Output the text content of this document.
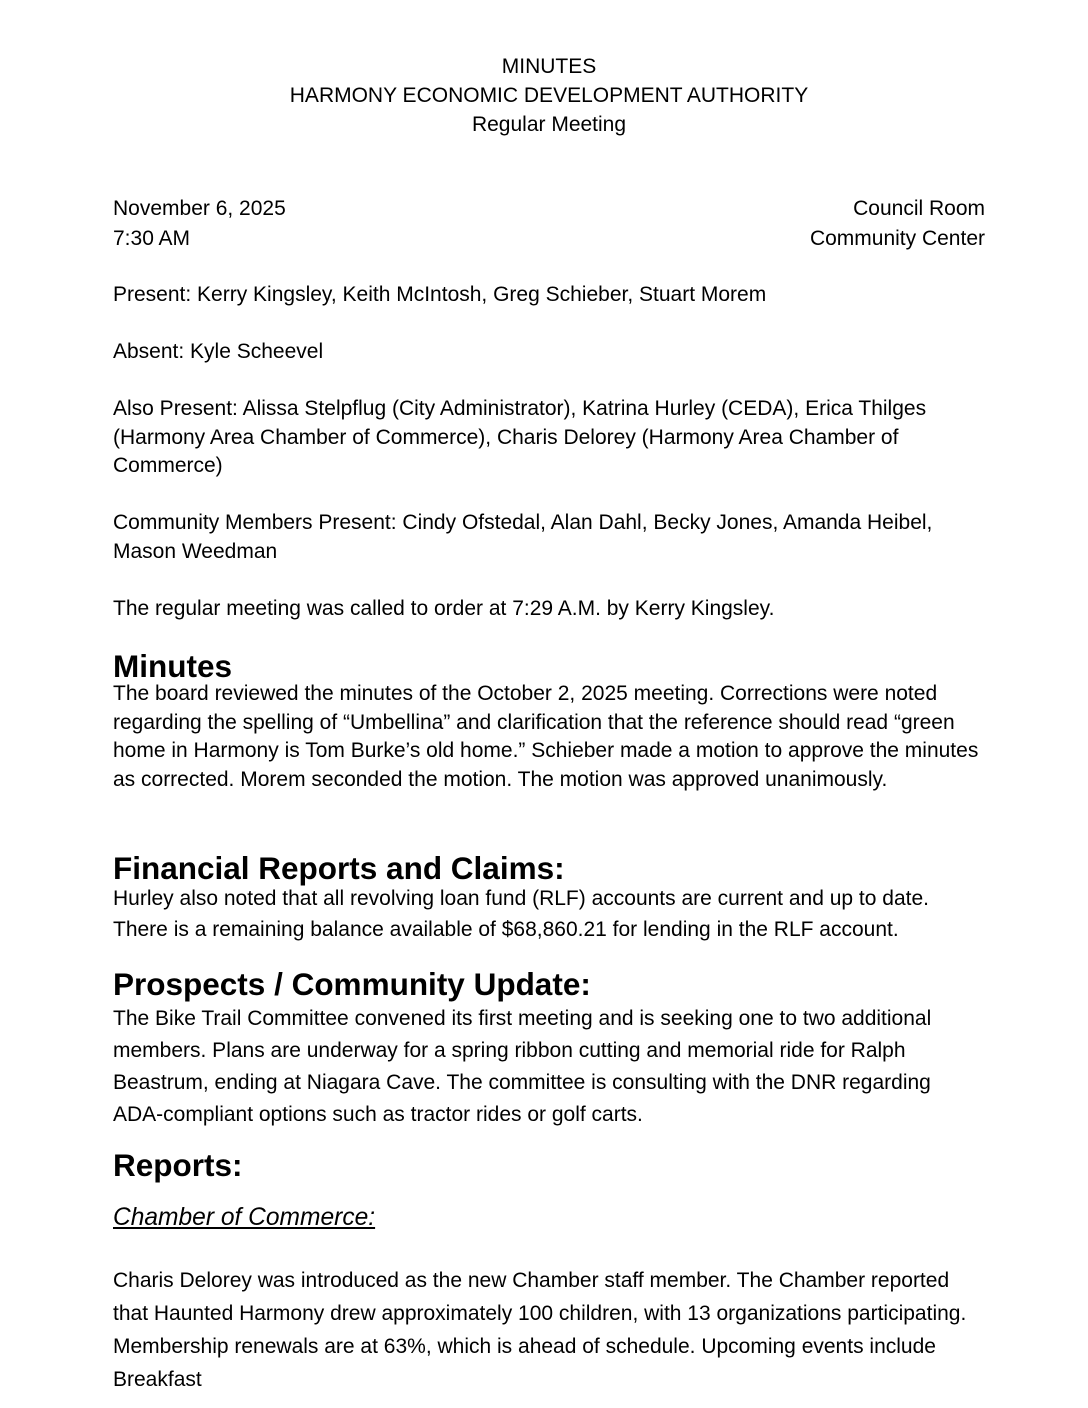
MINUTES
HARMONY ECONOMIC DEVELOPMENT AUTHORITY
Regular Meeting
November 6, 2025
7:30 AM
Council Room
Community Center

Present: Kerry Kingsley, Keith McIntosh, Greg Schieber, Stuart Morem

Absent: Kyle Scheevel

Also Present: Alissa Stelpflug (City Administrator), Katrina Hurley (CEDA), Erica Thilges (Harmony Area Chamber of Commerce), Charis Delorey (Harmony Area Chamber of Commerce)

Community Members Present: Cindy Ofstedal, Alan Dahl, Becky Jones, Amanda Heibel, Mason Weedman

The regular meeting was called to order at 7:29 A.M. by Kerry Kingsley.

Minutes

The board reviewed the minutes of the October 2, 2025 meeting. Corrections were noted regarding the spelling of “Umbellina” and clarification that the reference should read “green home in Harmony is Tom Burke’s old home.” Schieber made a motion to approve the minutes as corrected. Morem seconded the motion. The motion was approved unanimously.

Financial Reports and Claims:

Hurley also noted that all revolving loan fund (RLF) accounts are current and up to date. There is a remaining balance available of $68,860.21 for lending in the RLF account.

Prospects / Community Update:

The Bike Trail Committee convened its first meeting and is seeking one to two additional members. Plans are underway for a spring ribbon cutting and memorial ride for Ralph Beastrum, ending at Niagara Cave. The committee is consulting with the DNR regarding ADA-compliant options such as tractor rides or golf carts.

Reports:
Chamber of Commerce:

Charis Delorey was introduced as the new Chamber staff member. The Chamber reported that Haunted Harmony drew approximately 100 children, with 13 organizations participating. Membership renewals are at 63%, which is ahead of schedule. Upcoming events include Breakfast
